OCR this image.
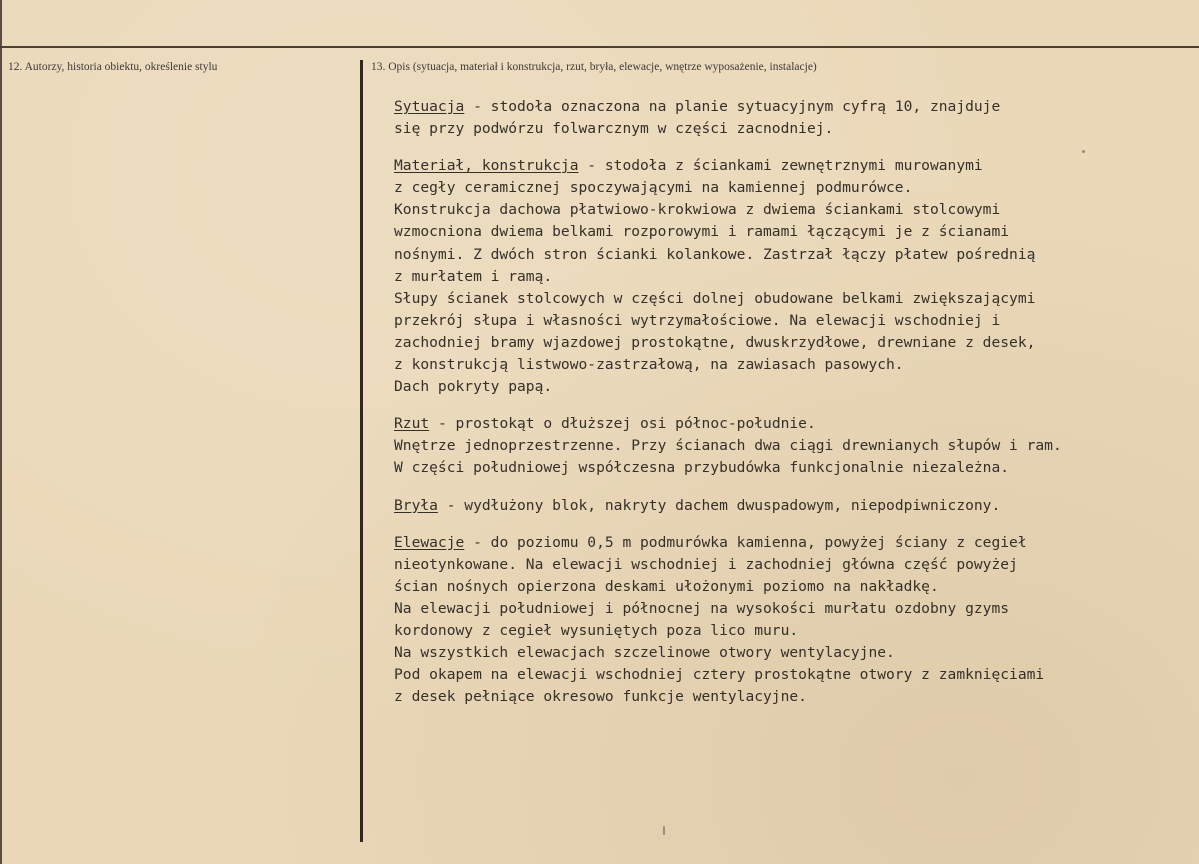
12. Autorzy, historia obiektu, określenie stylu	13. Opis (sytuacja, materiał i konstrukcja, rzut, bryła, elewacje, wnętrze wyposażenie, instalacje)
Sytuacja - stodoła oznaczona na planie sytuacyjnym cyfrą 10, znajduje
się przy podwórzu folwarcznym w części zacnodniej.
Materiał, konstrukcja - stodoła z ściankami zewnętrznymi murowanymi
z cegły ceramicznej spoczywającymi na kamiennej podmurówce.
Konstrukcja dachowa płatwiowo-krokwiowa z dwiema ściankami stolcowymi
wzmocniona dwiema belkami rozporowymi i ramami łączącymi je z ścianami
nośnymi. Z dwóch stron ścianki kolankowe. Zastrzał łączy płatew pośrednią
z murłatem i ramą.
Słupy ścianek stolcowych w części dolnej obudowane belkami zwiększającymi
przekrój słupa i własności wytrzymałościowe. Na elewacji wschodniej i
zachodniej bramy wjazdowej prostokątne, dwuskrzydłowe, drewniane z desek,
z konstrukcją listwowo-zastrzałową, na zawiasach pasowych.
Dach pokryty papą.
Rzut - prostokąt o dłuższej osi północ-południe.
Wnętrze jednoprzestrzenne. Przy ścianach dwa ciągi drewnianych słupów i ram.
W części południowej współczesna przybudówka funkcjonalnie niezależna.
Bryła - wydłużony blok, nakryty dachem dwuspadowym, niepodpiwniczony.
Elewacje - do poziomu 0,5 m podmurówka kamienna, powyżej ściany z cegieł
nieotynkowane. Na elewacji wschodniej i zachodniej główna część powyżej
ścian nośnych opierzona deskami ułożonymi poziomo na nakładkę.
Na elewacji południowej i północnej na wysokości murłatu ozdobny gzyms
kordonowy z cegieł wysuniętych poza lico muru.
Na wszystkich elewacjach szczelinowe otwory wentylacyjne.
Pod okapem na elewacji wschodniej cztery prostokątne otwory z zamknięciami
z desek pełniące okresowo funkcje wentylacyjne.
